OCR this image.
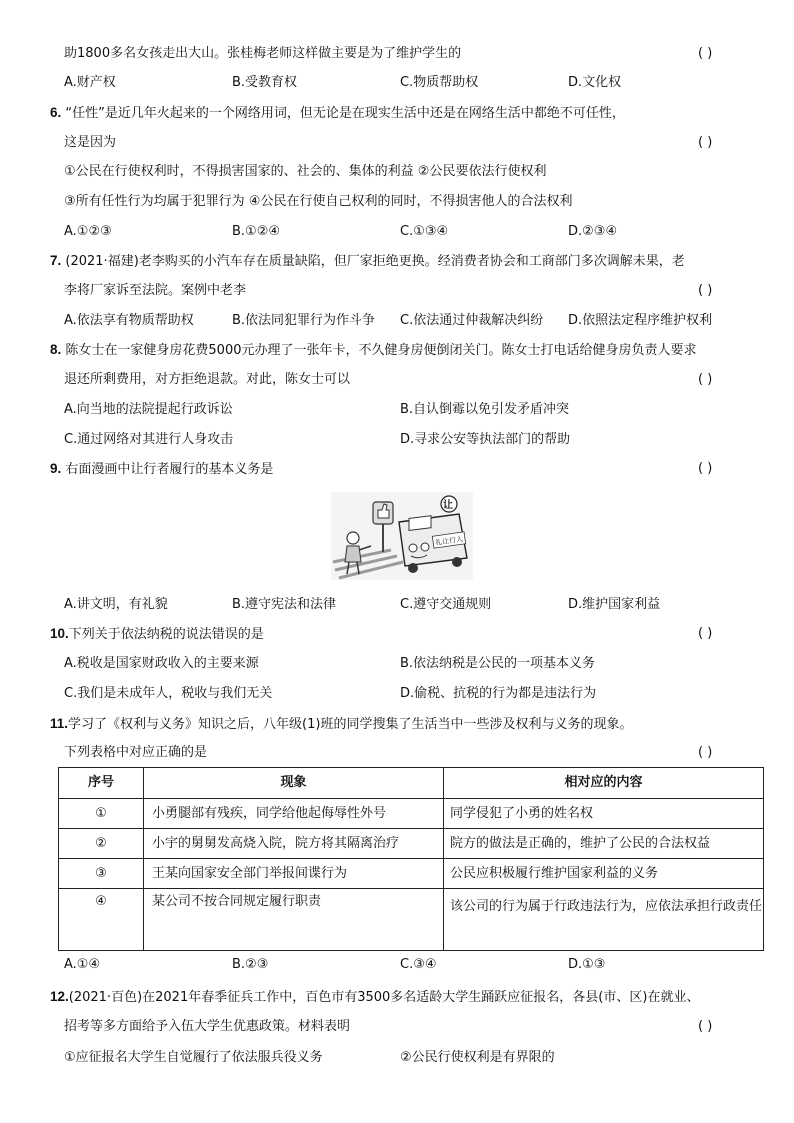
助1800多名女孩走出大山。张桂梅老师这样做主要是为了维护学生的	( )
A.财产权	B.受教育权	C.物质帮助权	D.文化权
6. “任性”是近几年火起来的一个网络用词，但无论是在现实生活中还是在网络生活中都绝不可任性，
这是因为	( )
①公民在行使权利时，不得损害国家的、社会的、集体的利益 ②公民要依法行使权利
③所有任性行为均属于犯罪行为 ④公民在行使自己权利的同时，不得损害他人的合法权利
A.①②③	B.①②④	C.①③④	D.②③④
7. (2021·福建)老李购买的小汽车存在质量缺陷，但厂家拒绝更换。经消费者协会和工商部门多次调解未果，老
李将厂家诉至法院。案例中老李	( )
A.依法享有物质帮助权	B.依法同犯罪行为作斗争 C.依法通过仲裁解决纠纷 D.依照法定程序维护权利
8. 陈女士在一家健身房花费5000元办理了一张年卡，不久健身房便倒闭关门。陈女士打电话给健身房负责人要求
退还所剩费用，对方拒绝退款。对此，陈女士可以	( )
A.向当地的法院提起行政诉讼	B.自认倒霉以免引发矛盾冲突
C.通过网络对其进行人身攻击	D.寻求公安等执法部门的帮助
9. 右面漫画中让行者履行的基本义务是	( )
礼让行人
让
A.讲文明，有礼貌	B.遵守宪法和法律	C.遵守交通规则	D.维护国家利益
10.下列关于依法纳税的说法错误的是	( )
A.税收是国家财政收入的主要来源	B.依法纳税是公民的一项基本义务
C.我们是未成年人，税收与我们无关	D.偷税、抗税的行为都是违法行为
11.学习了《权利与义务》知识之后，八年级(1)班的同学搜集了生活当中一些涉及权利与义务的现象。
下列表格中对应正确的是	( )
序号	现象	相对应的内容
①	小勇腿部有残疾，同学给他起侮辱性外号	同学侵犯了小勇的姓名权
②	小宇的舅舅发高烧入院，院方将其隔离治疗	院方的做法是正确的，维护了公民的合法权益
③	王某向国家安全部门举报间谍行为	公民应积极履行维护国家利益的义务
④	某公司不按合同规定履行职责	该公司的行为属于行政违法行为，应依法承担行政责任
A.①④	B.②③	C.③④	D.①③
12.(2021·百色)在2021年春季征兵工作中，百色市有3500多名适龄大学生踊跃应征报名，各县(市、区)在就业、
招考等多方面给予入伍大学生优惠政策。材料表明	( )
①应征报名大学生自觉履行了依法服兵役义务	②公民行使权利是有界限的
